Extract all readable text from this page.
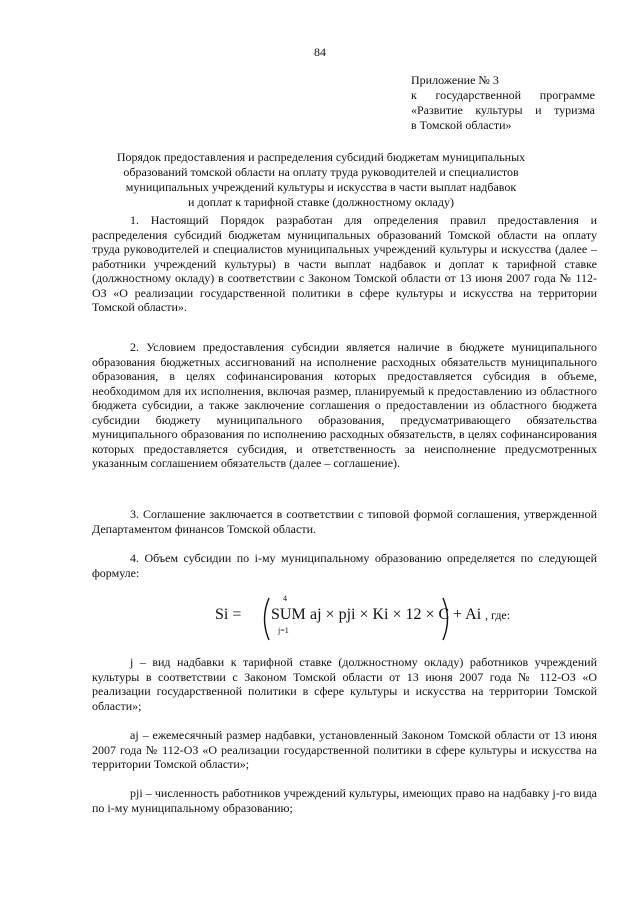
84
Приложение № 3
к государственной программе
«Развитие культуры и туризма
в Томской области»
Порядок предоставления и распределения субсидий бюджетам муниципальных
образований томской области на оплату труда руководителей и специалистов
муниципальных учреждений культуры и искусства в части выплат надбавок
и доплат к тарифной ставке (должностному окладу)

1. Настоящий Порядок разработан для определения правил предоставления и распределения субсидий бюджетам муниципальных образований Томской области на оплату труда руководителей и специалистов муниципальных учреждений культуры и искусства (далее – работники учреждений культуры) в части выплат надбавок и доплат к тарифной ставке (должностному окладу) в соответствии с Законом Томской области от 13 июня 2007 года № 112-ОЗ «О реализации государственной политики в сфере культуры и искусства на территории Томской области».

2. Условием предоставления субсидии является наличие в бюджете муниципального образования бюджетных ассигнований на исполнение расходных обязательств муниципального образования, в целях софинансирования которых предоставляется субсидия в объеме, необходимом для их исполнения, включая размер, планируемый к предоставлению из областного бюджета субсидии, а также заключение соглашения о предоставлении из областного бюджета субсидии бюджету муниципального образования, предусматривающего обязательства муниципального образования по исполнению расходных обязательств, в целях софинансирования которых предоставляется субсидия, и ответственность за неисполнение предусмотренных указанным соглашением обязательств (далее – соглашение).

3. Соглашение заключается в соответствии с типовой формой соглашения, утвержденной Департаментом финансов Томской области.

4. Объем субсидии по i-му муниципальному образованию определяется по следующей формуле:

Si =
4
SUM
j=1
aj × pji × Ki × 12 × C + Ai , где:

j – вид надбавки к тарифной ставке (должностному окладу) работников учреждений культуры в соответствии с Законом Томской области от 13 июня 2007 года № 112-ОЗ «О реализации государственной политики в сфере культуры и искусства на территории Томской области»;

aj – ежемесячный размер надбавки, установленный Законом Томской области от 13 июня 2007 года № 112-ОЗ «О реализации государственной политики в сфере культуры и искусства на территории Томской области»;

pji – численность работников учреждений культуры, имеющих право на надбавку j-го вида по i-му муниципальному образованию;
